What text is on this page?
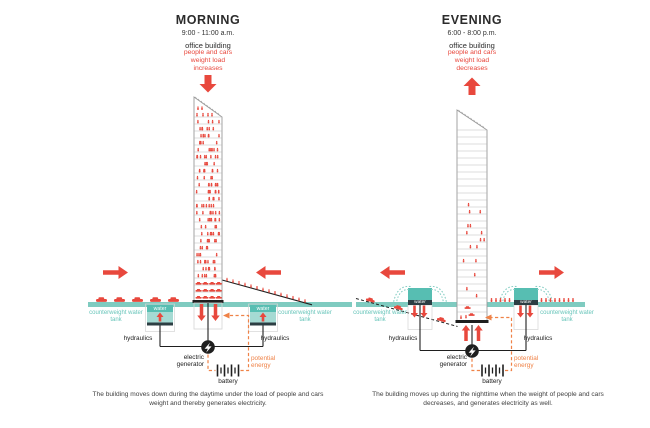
MORNING
9:00 - 11:00 a.m.
office building
people and cars
weight load
increases
counterweight water tank
counterweight water tank
water	water
hydraulics	hydraulics
electric generator
battery
potential energy
The building moves down during the daytime under the load of people and cars weight and thereby generates electricity.
EVENING
6:00 - 8:00 p.m.
office building
people and cars
weight load
decreases
counterweight water tank
counterweight water tank
water	water
hydraulics	hydraulics
electric generator
battery
potential energy
The building moves up during the nighttime when the weight of people and cars decreases, and generates electricity as well.
